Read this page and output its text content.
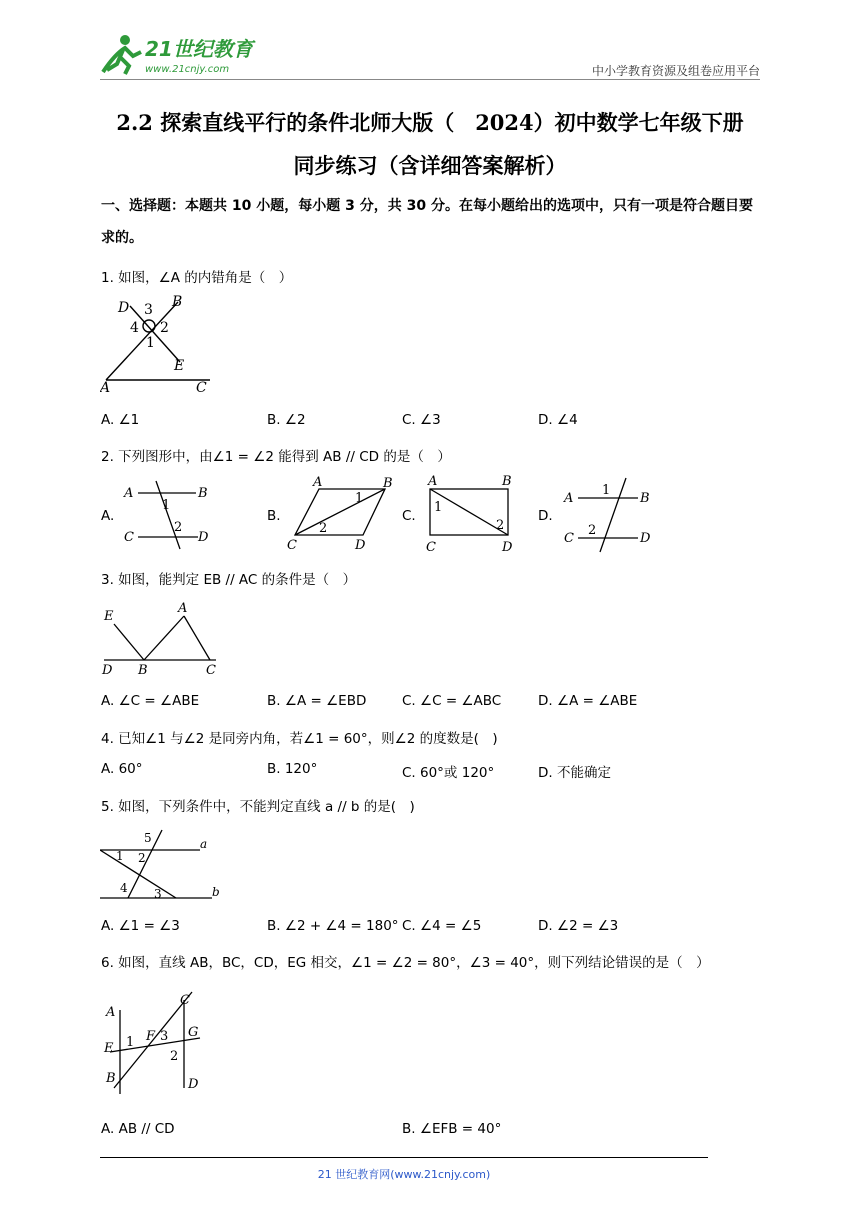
21世纪教育
www.21cnjy.com	中小学教育资源及组卷应用平台
2.2 探索直线平行的条件北师大版（　2024）初中数学七年级下册
同步练习（含详细答案解析）
一、选择题：本题共 10 小题，每小题 3 分，共 30 分。在每小题给出的选项中，只有一项是符合题目要求的。
1. 如图，∠A 的内错角是（　）
D 3 B
4 2
1
E
A	C
A. ∠1	B. ∠2	C. ∠3	D. ∠4
2. 下列图形中，由∠1 = ∠2 能得到 AB // CD 的是（　）
A.
A
1
B
2
C	D
B.
A	B
1
2
C	D
C.
A	B
1
2
C	D
D.
A
1
B
2
C	D
3. 如图，能判定 EB // AC 的条件是（　）
E
A
D B	C
A. ∠C = ∠ABE	B. ∠A = ∠EBD	C. ∠C = ∠ABC	D. ∠A = ∠ABE
4. 已知∠1 与∠2 是同旁内角，若∠1 = 60°，则∠2 的度数是(　)
A. 60°	B. 120°	C. 60°或 120°	D. 不能确定
5. 如图，下列条件中，不能判定直线 a // b 的是(　)
5	a
1 2
4 3	b
A. ∠1 = ∠3	B. ∠2 + ∠4 = 180° C. ∠4 = ∠5	D. ∠2 = ∠3
6. 如图，直线 AB，BC，CD，EG 相交，∠1 = ∠2 = 80°，∠3 = 40°，则下列结论错误的是（　）
C
A
F 3 G
E 1
2
B	D
A. AB // CD	B. ∠EFB = 40°
21 世纪教育网(www.21cnjy.com)
